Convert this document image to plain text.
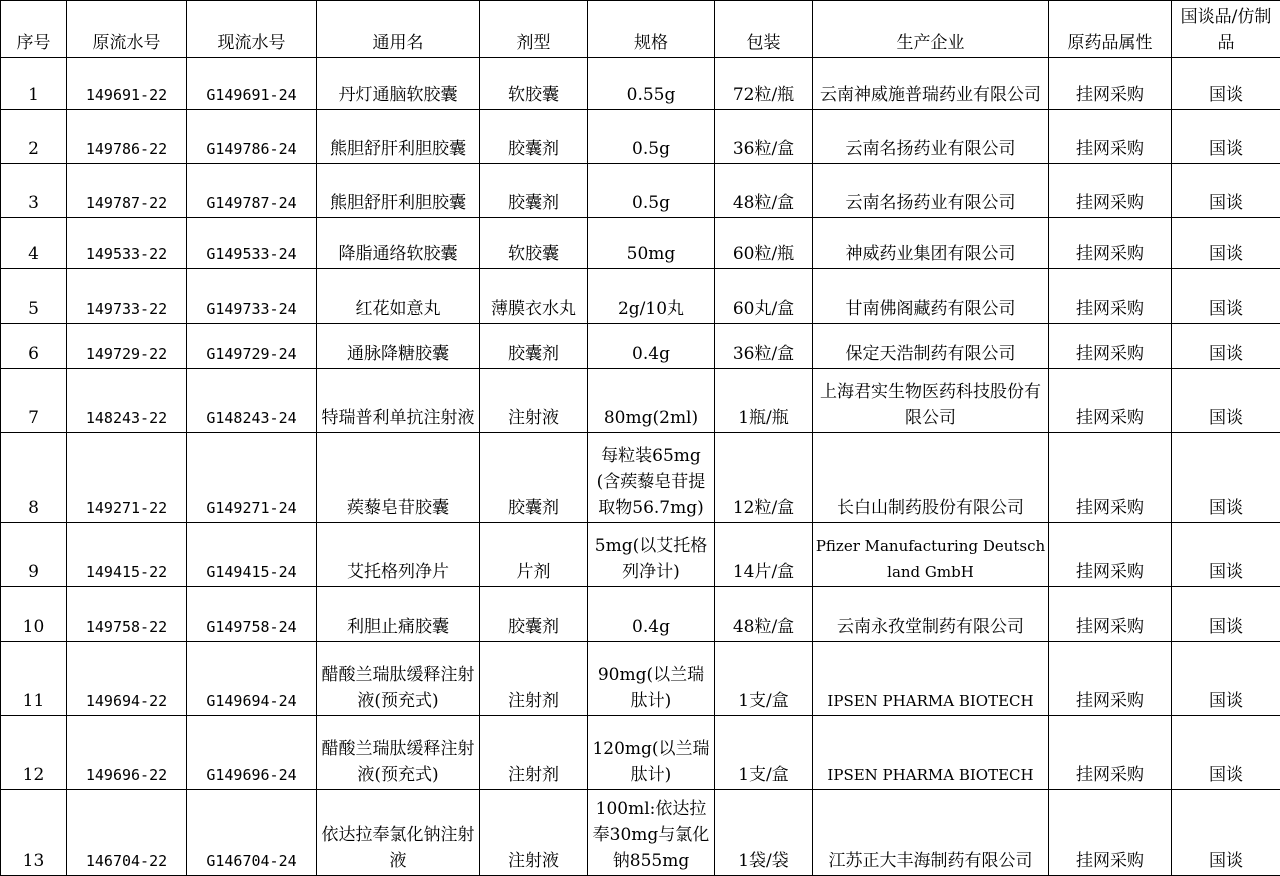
序号	原流水号	现流水号	通用名	剂型	规格	包装	生产企业	原药品属性	国谈品/仿制品
1	149691-22	G149691-24	丹灯通脑软胶囊	软胶囊	0.55g	72粒/瓶	云南神威施普瑞药业有限公司	挂网采购	国谈
2	149786-22	G149786-24	熊胆舒肝利胆胶囊	胶囊剂	0.5g	36粒/盒	云南名扬药业有限公司	挂网采购	国谈
3	149787-22	G149787-24	熊胆舒肝利胆胶囊	胶囊剂	0.5g	48粒/盒	云南名扬药业有限公司	挂网采购	国谈
4	149533-22	G149533-24	降脂通络软胶囊	软胶囊	50mg	60粒/瓶	神威药业集团有限公司	挂网采购	国谈
5	149733-22	G149733-24	红花如意丸	薄膜衣水丸	2g/10丸	60丸/盒	甘南佛阁藏药有限公司	挂网采购	国谈
6	149729-22	G149729-24	通脉降糖胶囊	胶囊剂	0.4g	36粒/盒	保定天浩制药有限公司	挂网采购	国谈
7	148243-22	G148243-24	特瑞普利单抗注射液	注射液	80mg(2ml)	1瓶/瓶	上海君实生物医药科技股份有限公司	挂网采购	国谈
8	149271-22	G149271-24	蒺藜皂苷胶囊	胶囊剂	每粒装65mg(含蒺藜皂苷提取物56.7mg)	12粒/盒	长白山制药股份有限公司	挂网采购	国谈
9	149415-22	G149415-24	艾托格列净片	片剂	5mg(以艾托格列净计)	14片/盒	Pfizer Manufacturing Deutschland GmbH	挂网采购	国谈
10	149758-22	G149758-24	利胆止痛胶囊	胶囊剂	0.4g	48粒/盒	云南永孜堂制药有限公司	挂网采购	国谈
11	149694-22	G149694-24	醋酸兰瑞肽缓释注射液(预充式)	注射剂	90mg(以兰瑞肽计)	1支/盒	IPSEN PHARMA BIOTECH	挂网采购	国谈
12	149696-22	G149696-24	醋酸兰瑞肽缓释注射液(预充式)	注射剂	120mg(以兰瑞肽计)	1支/盒	IPSEN PHARMA BIOTECH	挂网采购	国谈
13	146704-22	G146704-24	依达拉奉氯化钠注射液	注射液	100ml:依达拉奉30mg与氯化钠855mg	1袋/袋	江苏正大丰海制药有限公司	挂网采购	国谈
